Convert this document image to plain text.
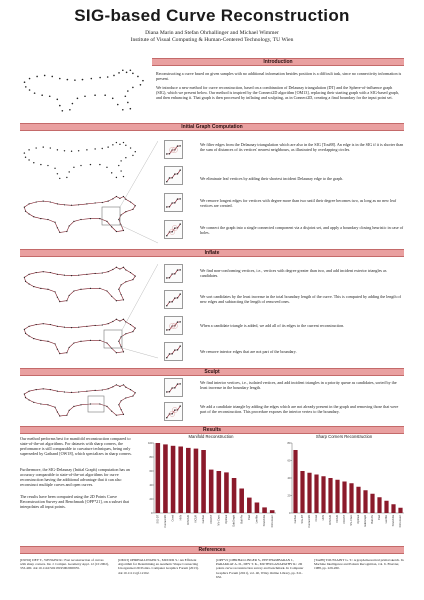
SIG-based Curve Reconstruction
Diana Marin and Stefan Ohrhallinger and Michael Wimmer
Institute of Visual Computing & Human-Centered Technology, TU Wien
Introduction
Reconstructing a curve based on given samples with no additional information besides position is a difficult task, since no connectivity information is present.
We introduce a new method for curve reconstruction, based on a combination of Delaunay triangulation (DT) and the Sphere-of-influence graph (SIG), which we present below. Our method is inspired by the Connect2D algorithm [OM13], replacing their starting graph with a SIG-based graph, and then enhancing it. That graph is then processed by inflating and sculpting, as in Connect2D, creating a final boundary for the input point set.
Initial Graph Computation
We filter edges from the Delaunay triangulation which are also in the SIG [Tou88]. An edge is in the SIG if it is shorter than the sum of distances of its vertices' nearest neighbours, as illustrated by overlapping circles.
We eliminate leaf vertices by adding their shortest incident Delaunay edge to the graph.
We remove longest edges for vertices with degree more than two until their degree becomes two, as long as no new leaf vertices are created.
We connect the graph into a single connected component via a disjoint set, and apply a boundary closing heuristic in case of holes.
Inflate
We find non-conforming vertices, i.e., vertices with degree greater than two, and add incident exterior triangles as candidates.
We sort candidates by the least increase in the total boundary length of the curve. This is computed by adding the length of new edges and subtracting the length of removed ones.
When a candidate triangle is added, we add all of its edges to the current reconstruction.
We remove interior edges that are not part of the boundary.
Sculpt
We find interior vertices, i.e., isolated vertices, and add incident triangles in a priority queue as candidates, sorted by the least increase in the boundary length.
We add a candidate triangle by adding the edges which are not already present in the graph and removing those that were part of the reconstruction. This procedure exposes the interior vertex to the boundary.
Results
Our method performs best for manifold reconstruction compared to state-of-the-art algorithms. For datasets with sharp corners, the performance is still comparable to curvature techniques, being only superseded by Gathand [OW18], which specializes in sharp corners.
Furthermore, the SIG-Delaunay (Initial Graph) computation has an accuracy comparable to state-of-the-art algorithms for curve reconstruction having the additional advantage that it can also reconstruct multiple curves and open curves.
The results have been computed using the 2D Points Curve Reconstruction Survey and Benchmark [OPP*21], on a subset that interpolates all input points.
Manifold Reconstruction
0
20
40
60
80
100
SIG-DT	Connect2D	Crawl	HNN	DISCUR	VICUR	Gathan	CRUST	NN-Crust	Optimal	GabGraph	Ball-Piv	Peel	LenMin	StretchDe	FitConnect
Sharp Corners Reconstruction
0
20
40
60
80
Gathan	SIG-DT	Connect2D	Crawl	HNN	DISCUR	VICUR	CRUST	NN-Crust	Optimal	GabGraph	Ball-Piv	Peel	LenMin	StretchDe	FitConnect
References
[DW02] DEY T., WENGER R.: Fast reconstruction of curves with sharp corners. Int. J. Comput. Geometry Appl. 12 (10 2002), 353-400. doi:10.1142/S0218195902000955.
[OM13] OHRHALLINGER S., MUDUR S.: An Efficient Algorithm for Determining an Aesthetic Shape Connecting Unorganized 2D Points. Computer Graphics Forum (2013). doi:10.1111/cgf.12162.
[OPP*21] OHRHALLINGER S., PEETHAMBARAN J., PARAKKAT A. D., DEY T. K., MUTHUGANAPATHY R.: 2D points curve reconstruction survey and benchmark. In Computer Graphics Forum (2021), vol. 40, Wiley Online Library, pp. 611-632.
[Tou88] TOUSSAINT G. T.: A graph-theoretical primal sketch. In Machine Intelligence and Pattern Recognition, vol. 6. Elsevier, 1988, pp. 229-260.
